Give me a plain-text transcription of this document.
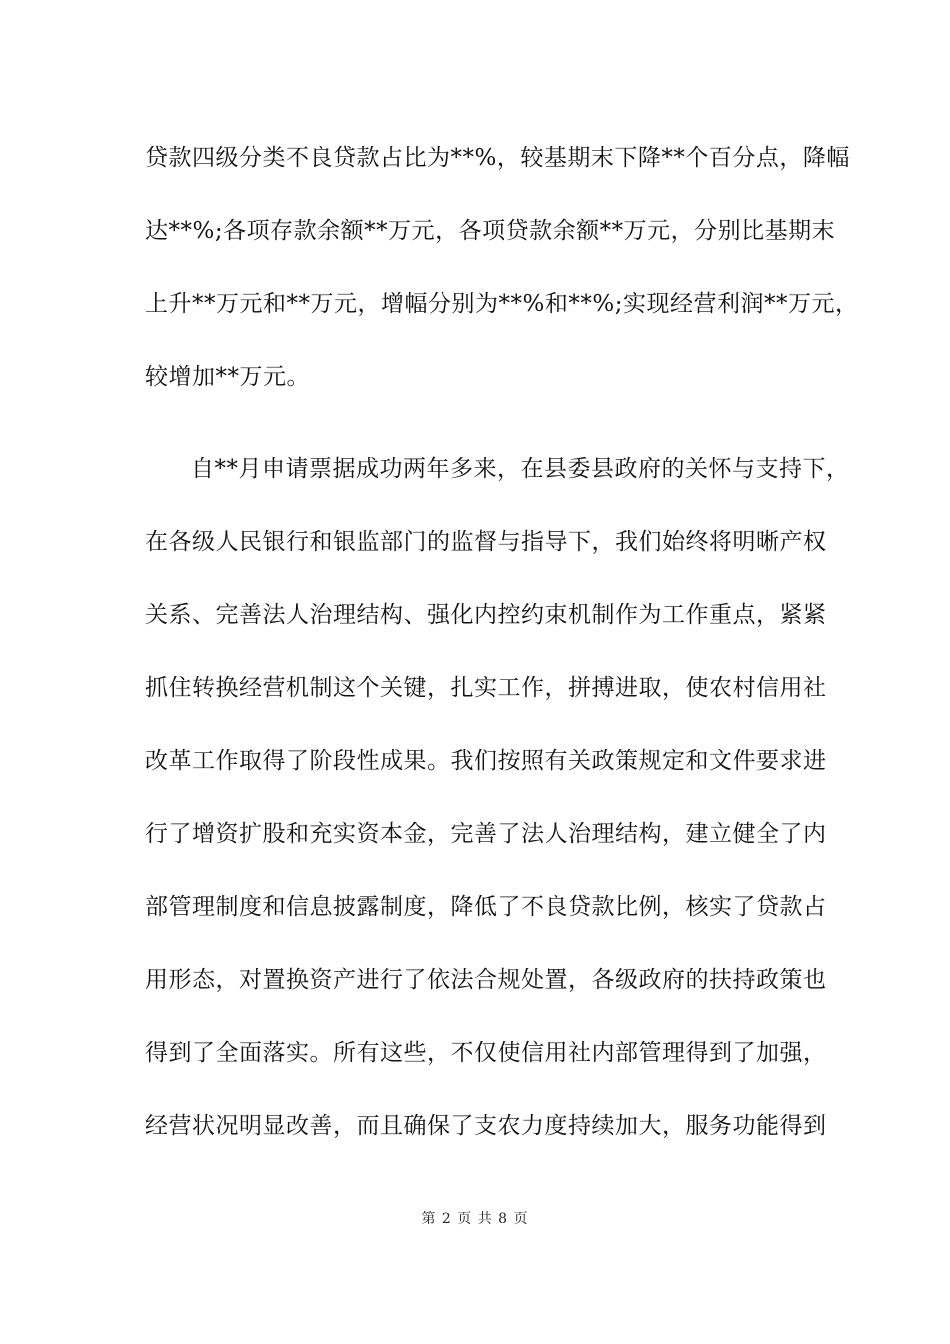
贷款四级分类不良贷款占比为**%，较基期末下降**个百分点，降幅
达**%;各项存款余额**万元，各项贷款余额**万元，分别比基期末
上升**万元和**万元，增幅分别为**%和**%;实现经营利润**万元，
较增加**万元。
自**月申请票据成功两年多来，在县委县政府的关怀与支持下，
在各级人民银行和银监部门的监督与指导下，我们始终将明晰产权
关系、完善法人治理结构、强化内控约束机制作为工作重点，紧紧
抓住转换经营机制这个关键，扎实工作，拼搏进取，使农村信用社
改革工作取得了阶段性成果。我们按照有关政策规定和文件要求进
行了增资扩股和充实资本金，完善了法人治理结构，建立健全了内
部管理制度和信息披露制度，降低了不良贷款比例，核实了贷款占
用形态，对置换资产进行了依法合规处置，各级政府的扶持政策也
得到了全面落实。所有这些，不仅使信用社内部管理得到了加强，
经营状况明显改善，而且确保了支农力度持续加大，服务功能得到
第 2 页 共 8 页
